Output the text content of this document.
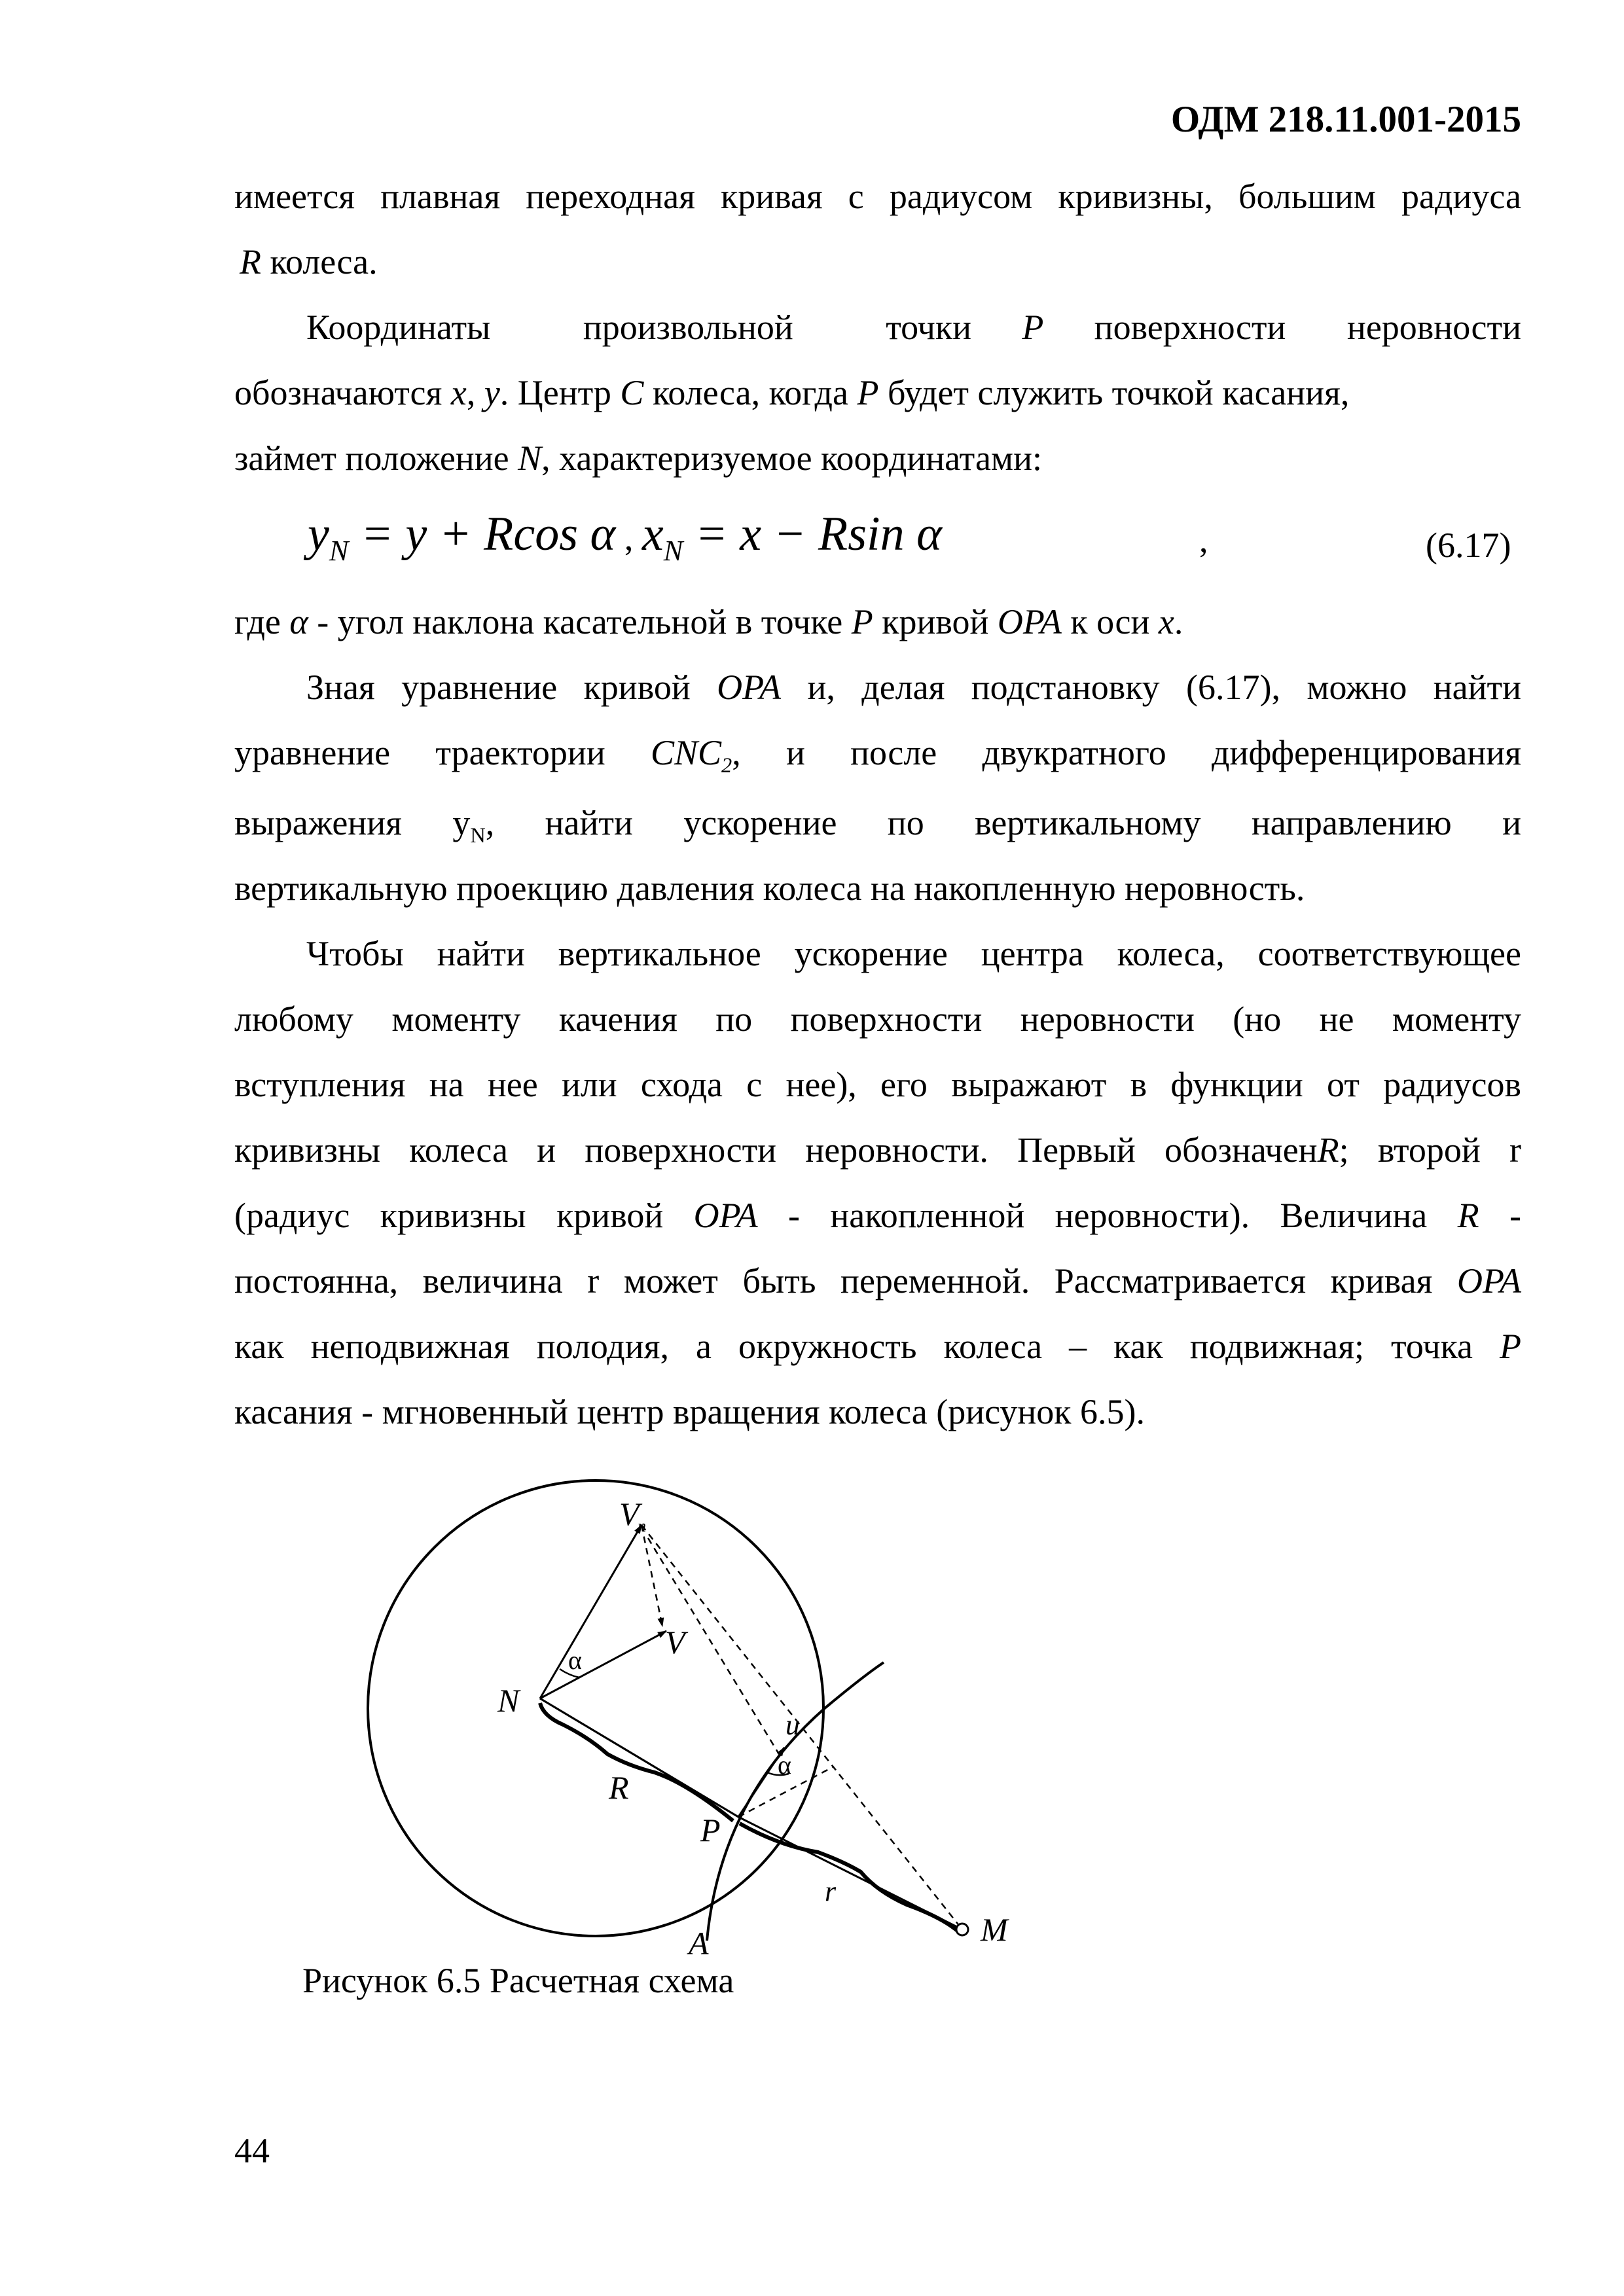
ОДМ 218.11.001-2015
имеется плавная переходная кривая с радиусом кривизны, большим радиуса
R колеса.
Координаты произвольной точки P поверхности неровности
обозначаются x, y. Центр C колеса, когда P будет служить точкой касания,
займет положение N, характеризуемое координатами:
$y_N = y + Rcos$ α , $x_N = x - Rsin$ α	,	(6.17)
где α - угол наклона касательной в точке P кривой OPA к оси x.
Зная уравнение кривой OPA и, делая подстановку (6.17), можно найти
уравнение траектории $CNC_2$, и после двукратного дифференцирования
выражения $y_N$, найти ускорение по вертикальному направлению и
вертикальную проекцию давления колеса на накопленную неровность.
Чтобы найти вертикальное ускорение центра колеса, соответствующее
любому моменту качения по поверхности неровности (но не моменту
вступления на нее или схода с нее), его выражают в функции от радиусов
кривизны колеса и поверхности неровности. Первый обозначенR; второй r
(радиус кривизны кривой OPA - накопленной неровности). Величина R -
постоянна, величина r может быть переменной. Рассматривается кривая OPA
как неподвижная полодия, а окружность колеса – как подвижная; точка P
касания - мгновенный центр вращения колеса (рисунок 6.5).
V
n
V
α
N
R
P
u
α
r
A	M
Рисунок 6.5 Расчетная схема
44
